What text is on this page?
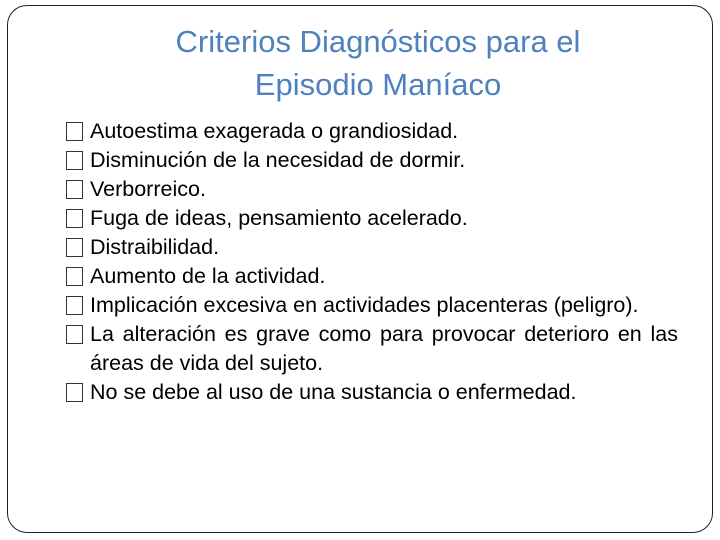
Criterios Diagnósticos para el
Episodio Maníaco
Autoestima exagerada o grandiosidad.
Disminución de la necesidad de dormir.
Verborreico.
Fuga de ideas, pensamiento acelerado.
Distraibilidad.
Aumento de la actividad.
Implicación excesiva en actividades placenteras (peligro).
La alteración es grave como para provocar deterioro en las áreas de vida del sujeto.
No se debe al uso de una sustancia o enfermedad.
